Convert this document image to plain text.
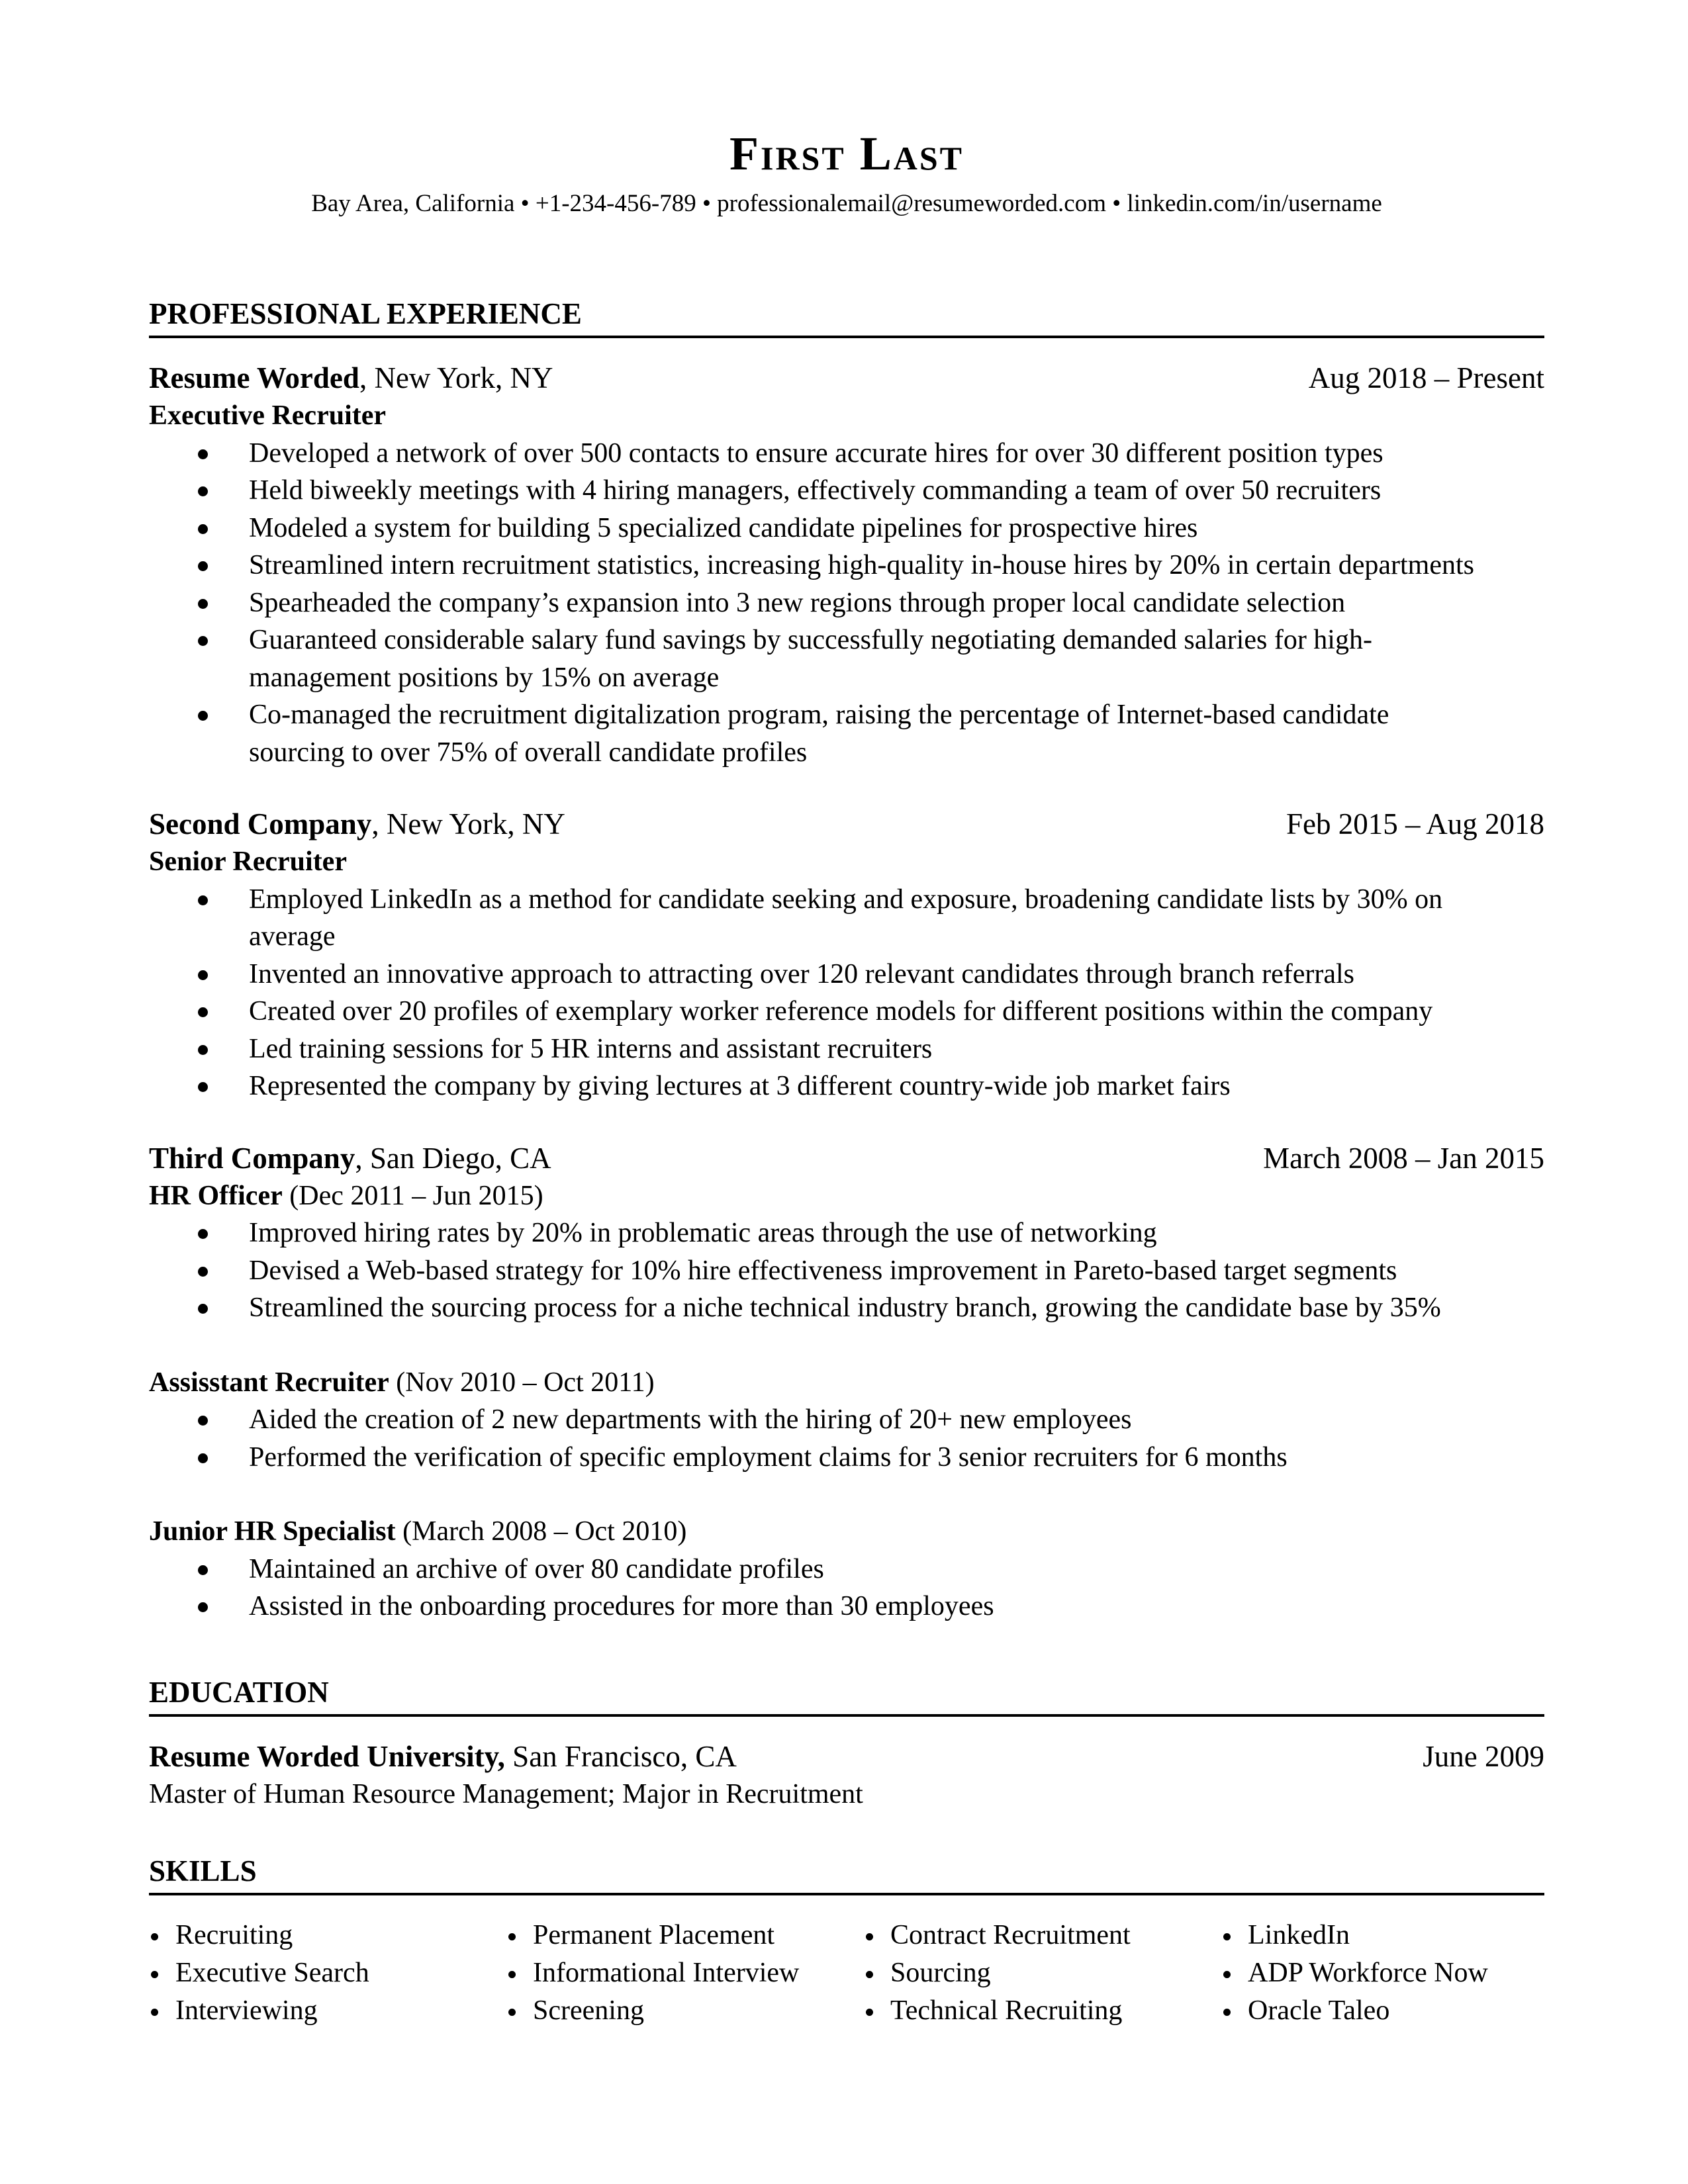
First Last
Bay Area, California • +1-234-456-789 • professionalemail@resumeworded.com • linkedin.com/in/username
PROFESSIONAL EXPERIENCE
Resume Worded, New York, NY	Aug 2018 – Present
Executive Recruiter
Developed a network of over 500 contacts to ensure accurate hires for over 30 different position types
Held biweekly meetings with 4 hiring managers, effectively commanding a team of over 50 recruiters
Modeled a system for building 5 specialized candidate pipelines for prospective hires
Streamlined intern recruitment statistics, increasing high-quality in-house hires by 20% in certain departments
Spearheaded the company’s expansion into 3 new regions through proper local candidate selection
Guaranteed considerable salary fund savings by successfully negotiating demanded salaries for high-management positions by 15% on average
Co-managed the recruitment digitalization program, raising the percentage of Internet-based candidate sourcing to over 75% of overall candidate profiles
Second Company, New York, NY	Feb 2015 – Aug 2018
Senior Recruiter
Employed LinkedIn as a method for candidate seeking and exposure, broadening candidate lists by 30% on average
Invented an innovative approach to attracting over 120 relevant candidates through branch referrals
Created over 20 profiles of exemplary worker reference models for different positions within the company
Led training sessions for 5 HR interns and assistant recruiters
Represented the company by giving lectures at 3 different country-wide job market fairs
Third Company, San Diego, CA	March 2008 – Jan 2015
HR Officer (Dec 2011 – Jun 2015)
Improved hiring rates by 20% in problematic areas through the use of networking
Devised a Web-based strategy for 10% hire effectiveness improvement in Pareto-based target segments
Streamlined the sourcing process for a niche technical industry branch, growing the candidate base by 35%
Assisstant Recruiter (Nov 2010 – Oct 2011)
Aided the creation of 2 new departments with the hiring of 20+ new employees
Performed the verification of specific employment claims for 3 senior recruiters for 6 months
Junior HR Specialist (March 2008 – Oct 2010)
Maintained an archive of over 80 candidate profiles
Assisted in the onboarding procedures for more than 30 employees
EDUCATION
Resume Worded University, San Francisco, CA	June 2009
Master of Human Resource Management; Major in Recruitment
SKILLS
Recruiting
Executive Search
Interviewing
Permanent Placement
Informational Interview
Screening
Contract Recruitment
Sourcing
Technical Recruiting
LinkedIn
ADP Workforce Now
Oracle Taleo
